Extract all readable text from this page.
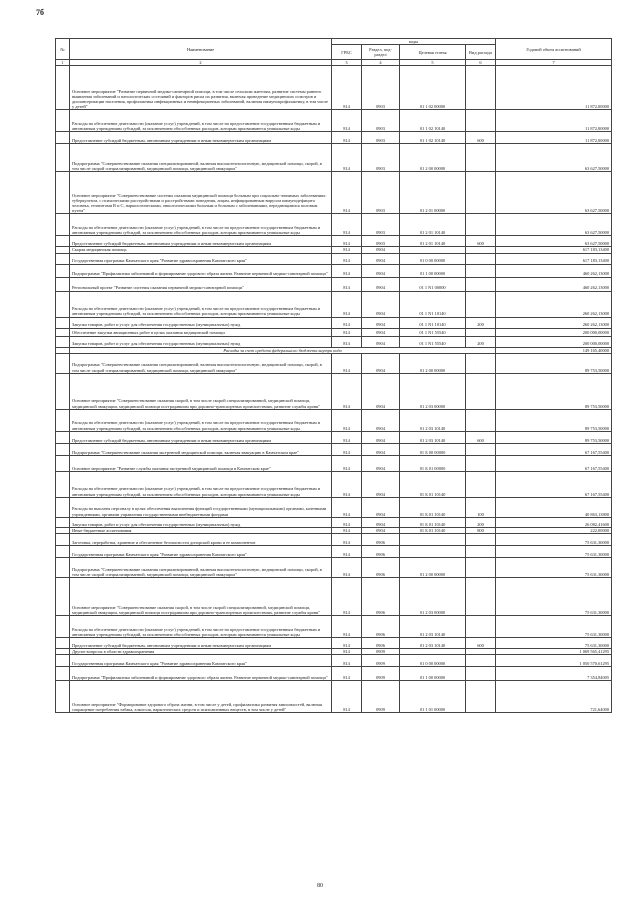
7б
№	Наименование	коды				Годовой объем ассигнований
		ГРБС	Раздел, под-раздел	Целевая статья	Вид расхода	
1	2	3	4	5	6	7
	Основное мероприятие "Развитие первичной медико-санитарной помощи, в том числе сельским жителям, развитие системы раннего выявления заболеваний и патологических состояний и факторов риска их развития, включая проведение медицинских осмотров и диспансеризации населения, профилактика инфекционных и неинфекционных заболеваний, включая иммунопрофилактику, в том числе у детей"	814	0903	01 1 02 00000		11 872,00000
	Расходы на обеспечение деятельности (оказание услуг) учреждений, в том числе на предоставление государственным бюджетным и автономным учреждениям субсидий, за исключением обособленных расходов, которым присваиваются уникальные коды	814	0903	01 1 02 10140		11 872,00000
	Предоставление субсидий бюджетным, автономным учреждениям и иным некоммерческим организациям	814	0903	01 1 02 10140	600	11 872,00000
	Подпрограмма "Совершенствование оказания специализированной, включая высокотехнологичную, медицинской помощи, скорой, в том числе скорой специализированной, медицинской помощи, медицинской эвакуации"	814	0903	01 2 00 00000		63 627,50000
	Основное мероприятие "Совершенствование системы оказания медицинской помощи больным при социально-значимых заболеваниях: туберкулезом, с психическими расстройствами и расстройствами поведения, лицам, инфицированным вирусом иммунодефицита человека, гепатитами B и C, наркологическими, онкологическими больным и больным с заболеваниями, передающимися половым путем"	814	0903	01 2 01 00000		63 627,50000
	Расходы на обеспечение деятельности (оказание услуг) учреждений, в том числе на предоставление государственным бюджетным и автономным учреждениям субсидий, за исключением обособленных расходов, которым присваиваются уникальные коды	814	0903	01 2 01 10140		63 627,50000
	Предоставление субсидий бюджетным, автономным учреждениям и иным некоммерческим организациям	814	0903	01 2 01 10140	600	63 627,50000
	Скорая медицинская помощь	814	0904			617 183,13400
	Государственная программа Камчатского края "Развитие здравоохранения Камчатского края"	814	0904	01 0 00 00000		617 183,13400
	Подпрограмма "Профилактика заболеваний и формирование здорового образа жизни. Развитие первичной медико-санитарной помощи"	814	0904	01 1 00 00000		460 262,13000
	Региональный проект "Развитие системы оказания первичной медико-санитарной помощи"	814	0904	01 1 N1 00000		460 262,13000
	Расходы на обеспечение деятельности (оказание услуг) учреждений, в том числе на предоставление государственным бюджетным и автономным учреждениям субсидий, за исключением обособленных расходов, которым присваиваются уникальные коды	814	0904	01 1 N1 10140		260 262,13000
	Закупка товаров, работ и услуг для обеспечения государственных (муниципальных) нужд	814	0904	01 1 N1 10140	200	260 262,13000
	Обеспечение закупки авиационных работ в целях оказания медицинской помощи	814	0904	01 1 N1 55540		200 000,00000
	Закупка товаров, работ и услуг для обеспечения государственных (муниципальных) нужд	814	0904	01 1 N1 55540	200	200 000,00000
	Расходы за счет средств федерального бюджета внутри кода					149 165,40000
	Подпрограмма "Совершенствование оказания специализированной, включая высокотехнологичную, медицинской помощи, скорой, в том числе скорой специализированной, медицинской помощи, медицинской эвакуации"	814	0904	01 2 00 00000		89 753,50000
	Основное мероприятие "Совершенствование оказания скорой, в том числе скорой специализированной, медицинской помощи, медицинской эвакуации, медицинской помощи пострадавшим при дорожно-транспортных происшествиях, развитие службы крови"	814	0904	01 2 03 00000		89 753,50000
	Расходы на обеспечение деятельности (оказание услуг) учреждений, в том числе на предоставление государственным бюджетным и автономным учреждениям субсидий, за исключением обособленных расходов, которым присваиваются уникальные коды	814	0904	01 2 03 10140		89 753,50000
	Предоставление субсидий бюджетным, автономным учреждениям и иным некоммерческим организациям	814	0904	01 2 03 10140	600	89 753,50000
	Подпрограмма "Совершенствование оказания экстренной медицинской помощи, включая эвакуацию в Камчатском крае"	814	0904	01 Б 00 00000		67 167,55400
	Основное мероприятие "Развитие службы оказания экстренной медицинской помощи в Камчатском крае"	814	0904	01 Б 01 00000		67 167,55400
	Расходы на обеспечение деятельности (оказание услуг) учреждений, в том числе на предоставление государственным бюджетным и автономным учреждениям субсидий, за исключением обособленных расходов, которым присваиваются уникальные коды	814	0904	01 Б 01 10140		67 167,55400
	Расходы на выплаты персоналу в целях обеспечения выполнения функций государственными (муниципальными) органами, казенными учреждениями, органами управления государственными внебюджетными фондами	814	0904	01 Б 01 10140	100	40 863,13800
	Закупка товаров, работ и услуг для обеспечения государственных (муниципальных) нужд	814	0904	01 Б 01 10140	200	26 082,41600
	Иные бюджетные ассигнования	814	0904	01 Б 01 10140	800	222,00000
	Заготовка, переработка, хранение и обеспечение безопасности донорской крови и ее компонентов	814	0906			75 631,30000
	Государственная программа Камчатского края "Развитие здравоохранения Камчатского края"	814	0906			75 631,30000
	Подпрограмма "Совершенствование оказания специализированной, включая высокотехнологичную, медицинской помощи, скорой, в том числе скорой специализированной, медицинской помощи, медицинской эвакуации"	814	0906	01 2 00 00000		75 631,30000
	Основное мероприятие "Совершенствование оказания скорой, в том числе скорой специализированной, медицинской помощи, медицинской эвакуации, медицинской помощи пострадавшим при дорожно-транспортных происшествиях, развитие службы крови"	814	0906	01 2 03 00000		75 631,30000
	Расходы на обеспечение деятельности (оказание услуг) учреждений, в том числе на предоставление государственным бюджетным и автономным учреждениям субсидий, за исключением обособленных расходов, которым присваиваются уникальные коды	814	0906	01 2 03 10140		75 631,30000
	Предоставление субсидий бюджетным, автономным учреждениям и иным некоммерческим организациям	814	0906	01 2 03 10140	600	75 631,30000
	Другие вопросы в области здравоохранения	814	0909			1 069 565,41295
	Государственная программа Камчатского края "Развитие здравоохранения Камчатского края"	814	0909	01 0 00 00000		1 050 570,61295
	Подпрограмма "Профилактика заболеваний и формирование здорового образа жизни. Развитие первичной медико-санитарной помощи"	814	0909	01 1 00 00000		7 354,84005
	Основное мероприятие "Формирование здорового образа жизни, в том числе у детей, профилактика развития зависимостей, включая сокращение потребления табака, алкоголя, наркотических средств и психоактивных веществ, в том числе у детей"	814	0909	01 1 01 00000		721,64000
80
